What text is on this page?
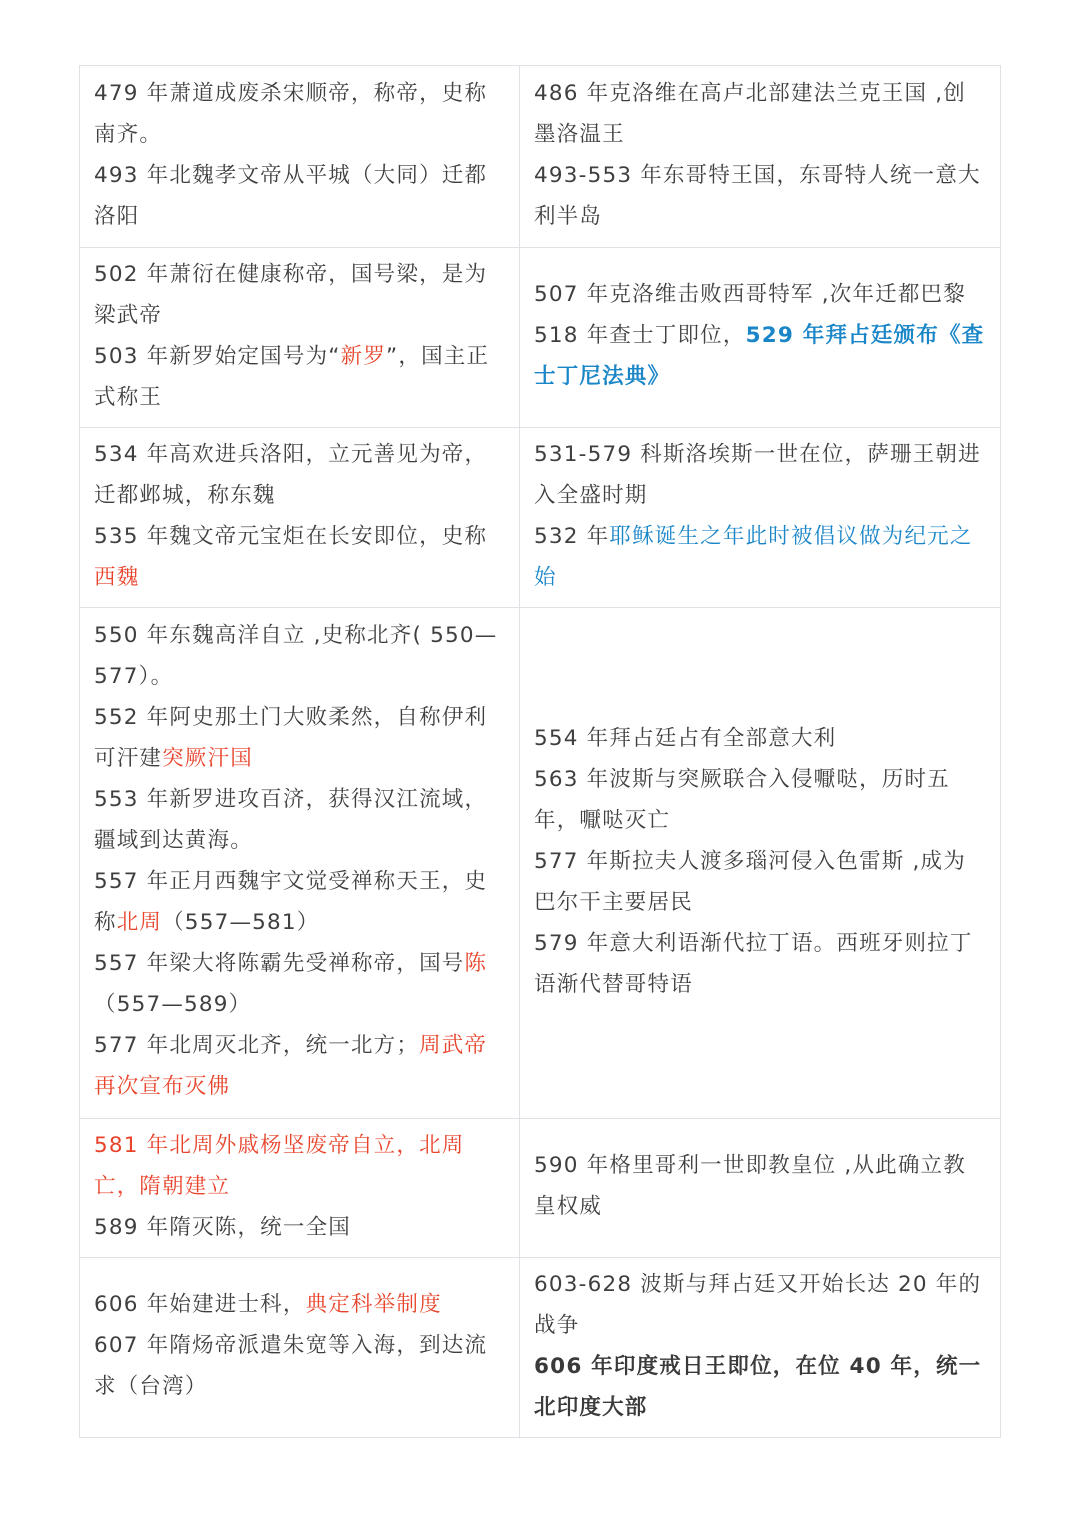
479 年萧道成废杀宋顺帝，称帝，史称南齐。
493 年北魏孝文帝从平城（大同）迁都洛阳
486 年克洛维在高卢北部建法兰克王国 ,创墨洛温王
493-553 年东哥特王国，东哥特人统一意大利半岛
502 年萧衍在健康称帝，国号梁，是为梁武帝
503 年新罗始定国号为“新罗”，国主正式称王
507 年克洛维击败西哥特军 ,次年迁都巴黎
518 年查士丁即位，529 年拜占廷颁布《查士丁尼法典》
534 年高欢进兵洛阳，立元善见为帝，迁都邺城，称东魏
535 年魏文帝元宝炬在长安即位，史称西魏
531-579 科斯洛埃斯一世在位，萨珊王朝进入全盛时期
532 年耶稣诞生之年此时被倡议做为纪元之始
550 年东魏高洋自立 ,史称北齐( 550—577）。
552 年阿史那土门大败柔然，自称伊利可汗建突厥汗国
553 年新罗进攻百济，获得汉江流域，疆域到达黄海。
557 年正月西魏宇文觉受禅称天王，史称北周（557—581）
557 年梁大将陈霸先受禅称帝，国号陈（557—589）
577 年北周灭北齐，统一北方；周武帝再次宣布灭佛
554 年拜占廷占有全部意大利
563 年波斯与突厥联合入侵嚈哒，历时五年，嚈哒灭亡
577 年斯拉夫人渡多瑙河侵入色雷斯 ,成为巴尔干主要居民
579 年意大利语渐代拉丁语。西班牙则拉丁语渐代替哥特语
581 年北周外戚杨坚废帝自立，北周亡，隋朝建立
589 年隋灭陈，统一全国
590 年格里哥利一世即教皇位 ,从此确立教皇权威
606 年始建进士科，典定科举制度
607 年隋炀帝派遣朱宽等入海，到达流求（台湾）
603-628 波斯与拜占廷又开始长达 20 年的战争
606 年印度戒日王即位，在位 40 年，统一北印度大部
